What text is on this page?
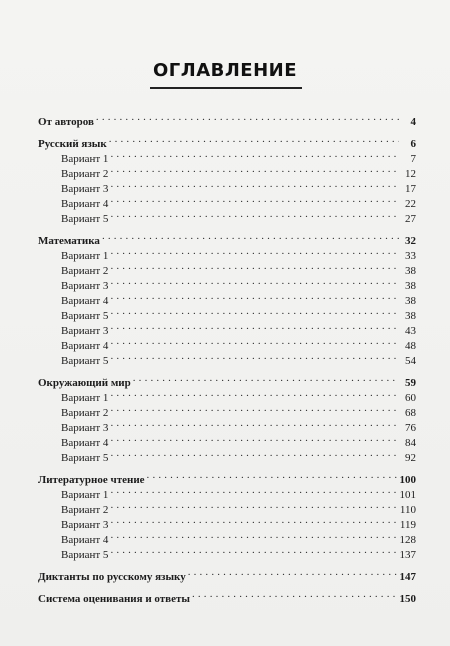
ОГЛАВЛЕНИЕ
От авторов . . .	4
Русский язык . . .	6
Вариант 1 . . .	7
Вариант 2 . . .	12
Вариант 3 . . .	17
Вариант 4 . . .	22
Вариант 5 . . .	27
Математика . . .	32
Вариант 1 . . .	33
Вариант 2 . . .	38
Вариант 3 . . .	38
Вариант 4 . . .	38
Вариант 5 . . .	38
Вариант 3 . . .	43
Вариант 4 . . .	48
Вариант 5 . . .	54
Окружающий мир . . .	59
Вариант 1 . . .	60
Вариант 2 . . .	68
Вариант 3 . . .	76
Вариант 4 . . .	84
Вариант 5 . . .	92
Литературное чтение . . .	100
Вариант 1 . . .	101
Вариант 2 . . .	110
Вариант 3 . . .	119
Вариант 4 . . .	128
Вариант 5 . . .	137
Диктанты по русскому языку . . .	147
Система оценивания и ответы . . .	150
